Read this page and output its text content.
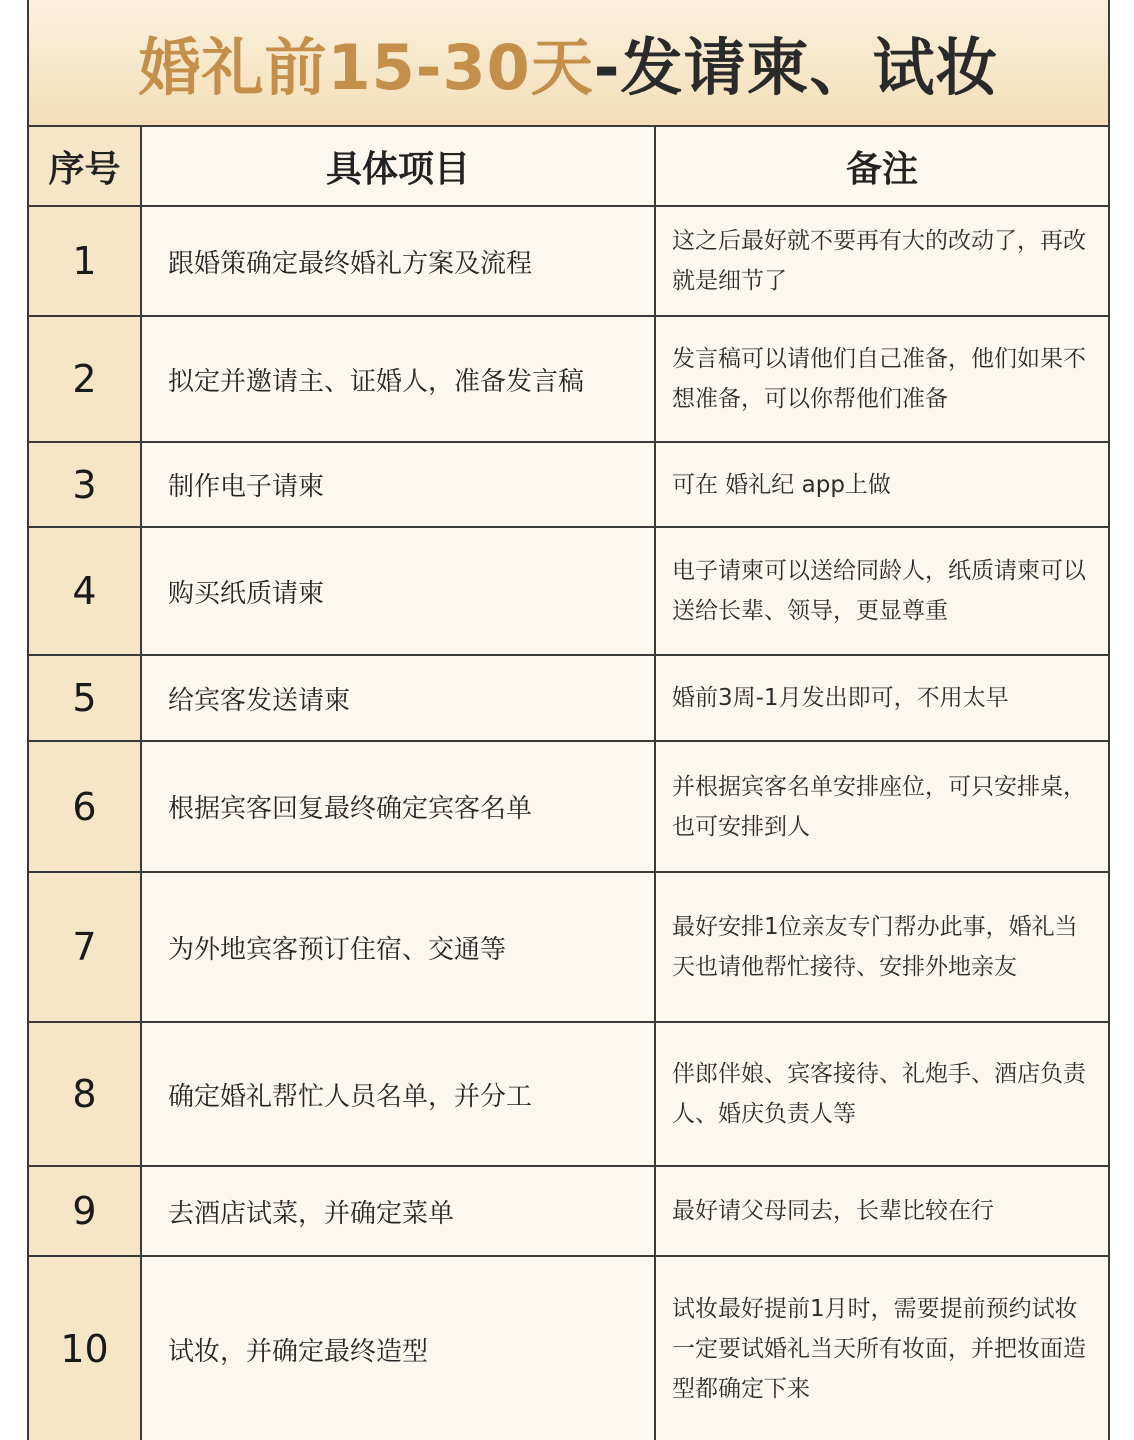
婚礼前15-30天 -发请柬、试妆
序号	具体项目	备注
1	跟婚策确定最终婚礼方案及流程	这之后最好就不要再有大的改动了，再改就是细节了
2	拟定并邀请主、证婚人，准备发言稿	发言稿可以请他们自己准备，他们如果不想准备，可以你帮他们准备
3	制作电子请柬	可在 婚礼纪 app上做
4	购买纸质请柬	电子请柬可以送给同龄人，纸质请柬可以送给长辈、领导，更显尊重
5	给宾客发送请柬	婚前3周-1月发出即可，不用太早
6	根据宾客回复最终确定宾客名单	并根据宾客名单安排座位，可只安排桌，也可安排到人
7	为外地宾客预订住宿、交通等	最好安排1位亲友专门帮办此事，婚礼当天也请他帮忙接待、安排外地亲友
8	确定婚礼帮忙人员名单，并分工	伴郎伴娘、宾客接待、礼炮手、酒店负责人、婚庆负责人等
9	去酒店试菜，并确定菜单	最好请父母同去，长辈比较在行
10	试妆，并确定最终造型	试妆最好提前1月时，需要提前预约试妆一定要试婚礼当天所有妆面，并把妆面造型都确定下来
